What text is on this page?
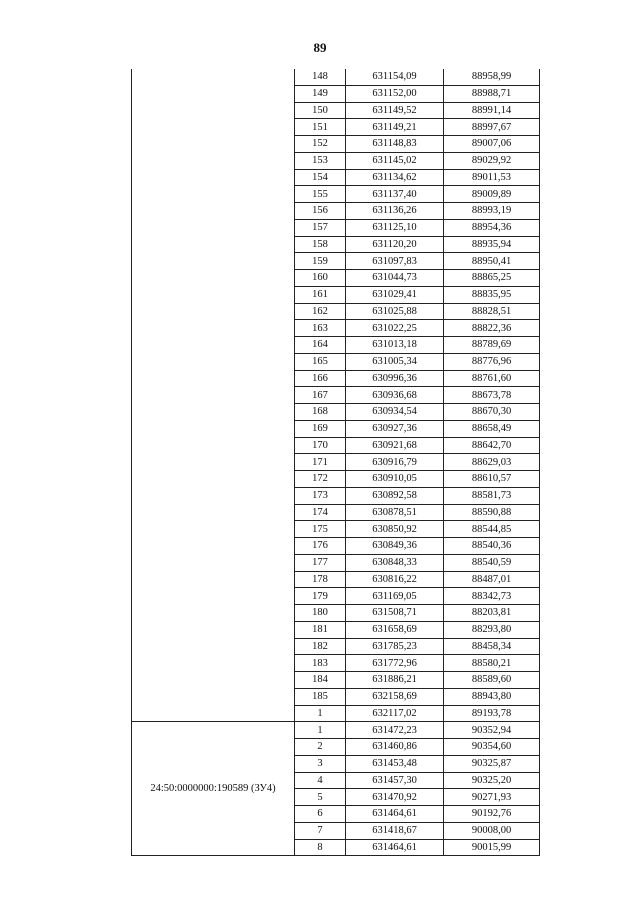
89
	148	631154,09	88958,99
	149	631152,00	88988,71
	150	631149,52	88991,14
	151	631149,21	88997,67
	152	631148,83	89007,06
	153	631145,02	89029,92
	154	631134,62	89011,53
	155	631137,40	89009,89
	156	631136,26	88993,19
	157	631125,10	88954,36
	158	631120,20	88935,94
	159	631097,83	88950,41
	160	631044,73	88865,25
	161	631029,41	88835,95
	162	631025,88	88828,51
	163	631022,25	88822,36
	164	631013,18	88789,69
	165	631005,34	88776,96
	166	630996,36	88761,60
	167	630936,68	88673,78
	168	630934,54	88670,30
	169	630927,36	88658,49
	170	630921,68	88642,70
	171	630916,79	88629,03
	172	630910,05	88610,57
	173	630892,58	88581,73
	174	630878,51	88590,88
	175	630850,92	88544,85
	176	630849,36	88540,36
	177	630848,33	88540,59
	178	630816,22	88487,01
	179	631169,05	88342,73
	180	631508,71	88203,81
	181	631658,69	88293,80
	182	631785,23	88458,34
	183	631772,96	88580,21
	184	631886,21	88589,60
	185	632158,69	88943,80
	1	632117,02	89193,78

24:50:0000000:190589 (ЗУ4)	1	631472,23	90352,94
	2	631460,86	90354,60
	3	631453,48	90325,87
	4	631457,30	90325,20
	5	631470,92	90271,93
	6	631464,61	90192,76
	7	631418,67	90008,00
	8	631464,61	90015,99
